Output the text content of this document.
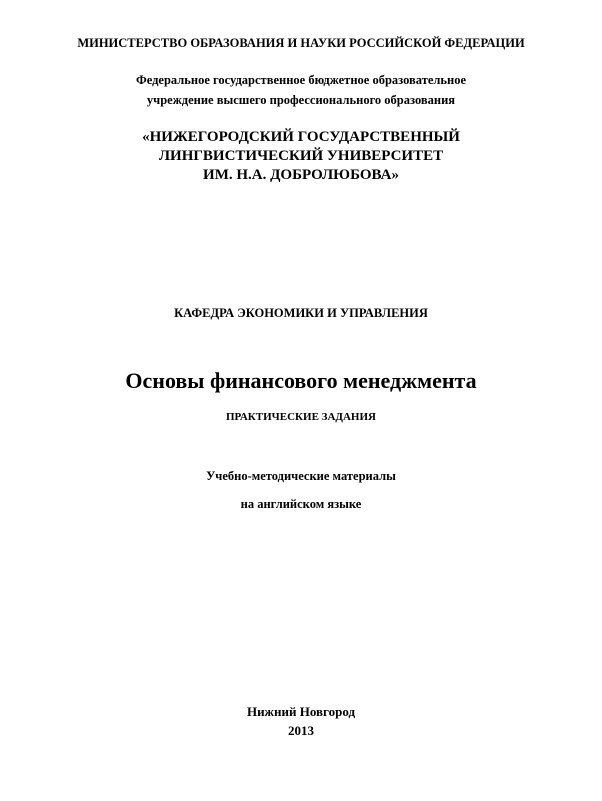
МИНИСТЕРСТВО ОБРАЗОВАНИЯ И НАУКИ РОССИЙСКОЙ ФЕДЕРАЦИИ
Федеральное государственное бюджетное образовательное
учреждение высшего профессионального образования
«НИЖЕГОРОДСКИЙ ГОСУДАРСТВЕННЫЙ
ЛИНГВИСТИЧЕСКИЙ УНИВЕРСИТЕТ
ИМ. Н.А. ДОБРОЛЮБОВА»
КАФЕДРА ЭКОНОМИКИ И УПРАВЛЕНИЯ
Основы финансового менеджмента
ПРАКТИЧЕСКИЕ ЗАДАНИЯ
Учебно-методические материалы
на английском языке
Нижний Новгород
2013
